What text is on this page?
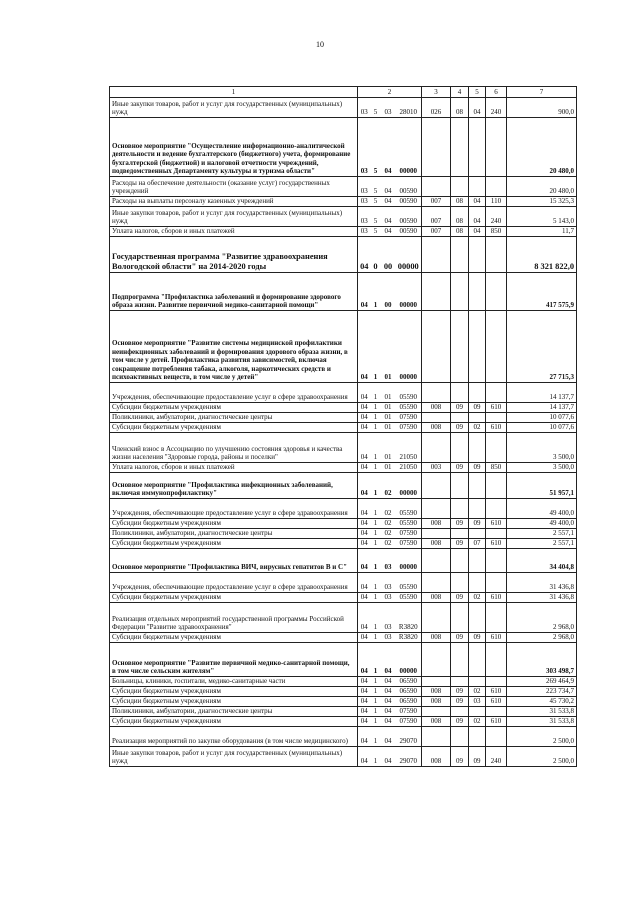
10
1	2				3	4	5	6	7
Иные закупки товаров, работ и услуг для государственных (муниципальных) нужд	03	5	03	28010	026	08	04	240	900,0
Основное мероприятие "Осуществление информационно-аналитической деятельности и ведение бухгалтерского (бюджетного) учета, формирование бухгалтерской (бюджетной) и налоговой отчетности учреждений, подведомственных Департаменту культуры и туризма области"	03	5	04	00000					20 480,0
Расходы на обеспечение деятельности (оказание услуг) государственных учреждений	03	5	04	00590					20 480,0
Расходы на выплаты персоналу казенных учреждений	03	5	04	00590	007	08	04	110	15 325,3
Иные закупки товаров, работ и услуг для государственных (муниципальных) нужд	03	5	04	00590	007	08	04	240	5 143,0
Уплата налогов, сборов и иных платежей	03	5	04	00590	007	08	04	850	11,7
Государственная программа "Развитие здравоохранения Вологодской области" на 2014-2020 годы	04	0	00	00000					8 321 822,0
Подпрограмма "Профилактика заболеваний и формирование здорового образа жизни. Развитие первичной медико-санитарной помощи"	04	1	00	00000					417 575,9
Основное мероприятие "Развитие системы медицинской профилактики неинфекционных заболеваний и формирования здорового образа жизни, в том числе у детей. Профилактика развития зависимостей, включая сокращение потребления табака, алкоголя, наркотических средств и психоактивных веществ, в том числе у детей"	04	1	01	00000					27 715,3
Учреждения, обеспечивающие предоставление услуг в сфере здравоохранения	04	1	01	05590					14 137,7
Субсидии бюджетным учреждениям	04	1	01	05590	008	09	09	610	14 137,7
Поликлиники, амбулатории, диагностические центры	04	1	01	07590					10 077,6
Субсидии бюджетным учреждениям	04	1	01	07590	008	09	02	610	10 077,6
Членский взнос в Ассоциацию по улучшению состояния здоровья и качества жизни населения "Здоровые города, районы и поселки"	04	1	01	21050					3 500,0
Уплата налогов, сборов и иных платежей	04	1	01	21050	003	09	09	850	3 500,0
Основное мероприятие "Профилактика инфекционных заболеваний, включая иммунопрофилактику"	04	1	02	00000					51 957,1
Учреждения, обеспечивающие предоставление услуг в сфере здравоохранения	04	1	02	05590					49 400,0
Субсидии бюджетным учреждениям	04	1	02	05590	008	09	09	610	49 400,0
Поликлиники, амбулатории, диагностические центры	04	1	02	07590					2 557,1
Субсидии бюджетным учреждениям	04	1	02	07590	008	09	07	610	2 557,1
Основное мероприятие "Профилактика ВИЧ, вирусных гепатитов В и С"	04	1	03	00000					34 404,8
Учреждения, обеспечивающие предоставление услуг в сфере здравоохранения	04	1	03	05590					31 436,8
Субсидии бюджетным учреждениям	04	1	03	05590	008	09	02	610	31 436,8
Реализация отдельных мероприятий государственной программы Российской Федерации "Развитие здравоохранения"	04	1	03	R3820					2 968,0
Субсидии бюджетным учреждениям	04	1	03	R3820	008	09	09	610	2 968,0
Основное мероприятие "Развитие первичной медико-санитарной помощи, в том числе сельским жителям"	04	1	04	00000					303 498,7
Больницы, клиники, госпитали, медико-санитарные части	04	1	04	06590					269 464,9
Субсидии бюджетным учреждениям	04	1	04	06590	008	09	02	610	223 734,7
Субсидии бюджетным учреждениям	04	1	04	06590	008	09	03	610	45 730,2
Поликлиники, амбулатории, диагностические центры	04	1	04	07590					31 533,8
Субсидии бюджетным учреждениям	04	1	04	07590	008	09	02	610	31 533,8
Реализация мероприятий по закупке оборудования (в том числе медицинского)	04	1	04	29070					2 500,0
Иные закупки товаров, работ и услуг для государственных (муниципальных) нужд	04	1	04	29070	008	09	09	240	2 500,0
